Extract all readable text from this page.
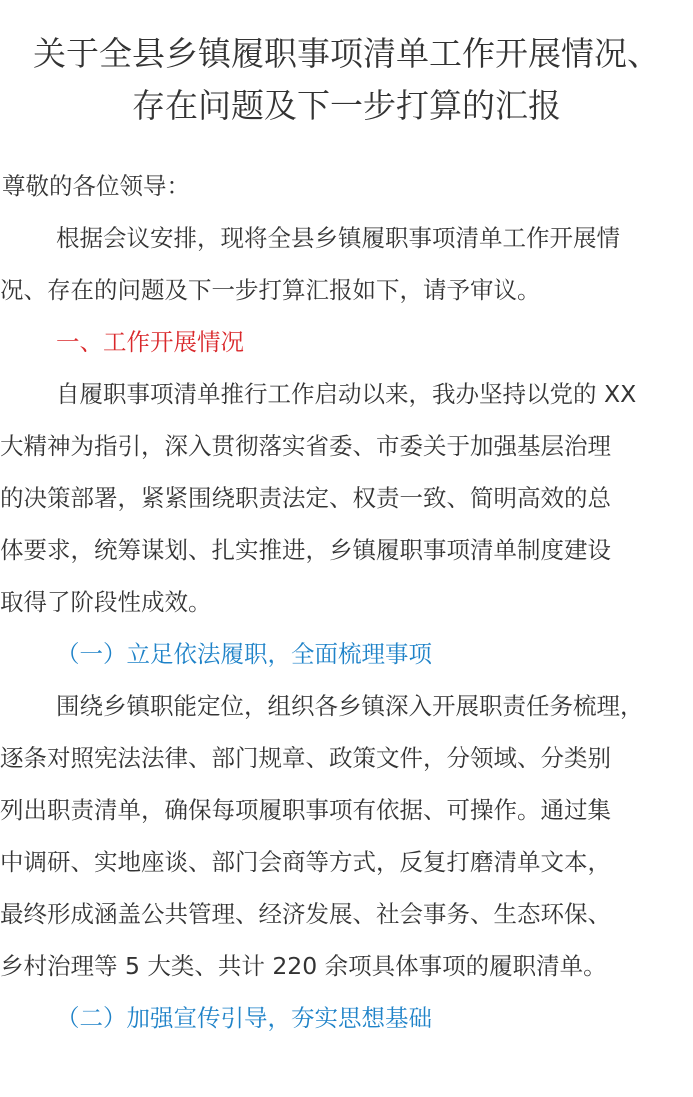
关于全县乡镇履职事项清单工作开展情况、
存在问题及下一步打算的汇报
尊敬的各位领导：
根据会议安排，现将全县乡镇履职事项清单工作开展情
况、存在的问题及下一步打算汇报如下，请予审议。
一、工作开展情况
自履职事项清单推行工作启动以来，我办坚持以党的 XX
大精神为指引，深入贯彻落实省委、市委关于加强基层治理
的决策部署，紧紧围绕职责法定、权责一致、简明高效的总
体要求，统筹谋划、扎实推进，乡镇履职事项清单制度建设
取得了阶段性成效。
（一）立足依法履职，全面梳理事项
围绕乡镇职能定位，组织各乡镇深入开展职责任务梳理，
逐条对照宪法法律、部门规章、政策文件，分领域、分类别
列出职责清单，确保每项履职事项有依据、可操作。通过集
中调研、实地座谈、部门会商等方式，反复打磨清单文本，
最终形成涵盖公共管理、经济发展、社会事务、生态环保、
乡村治理等 5 大类、共计 220 余项具体事项的履职清单。
（二）加强宣传引导，夯实思想基础
